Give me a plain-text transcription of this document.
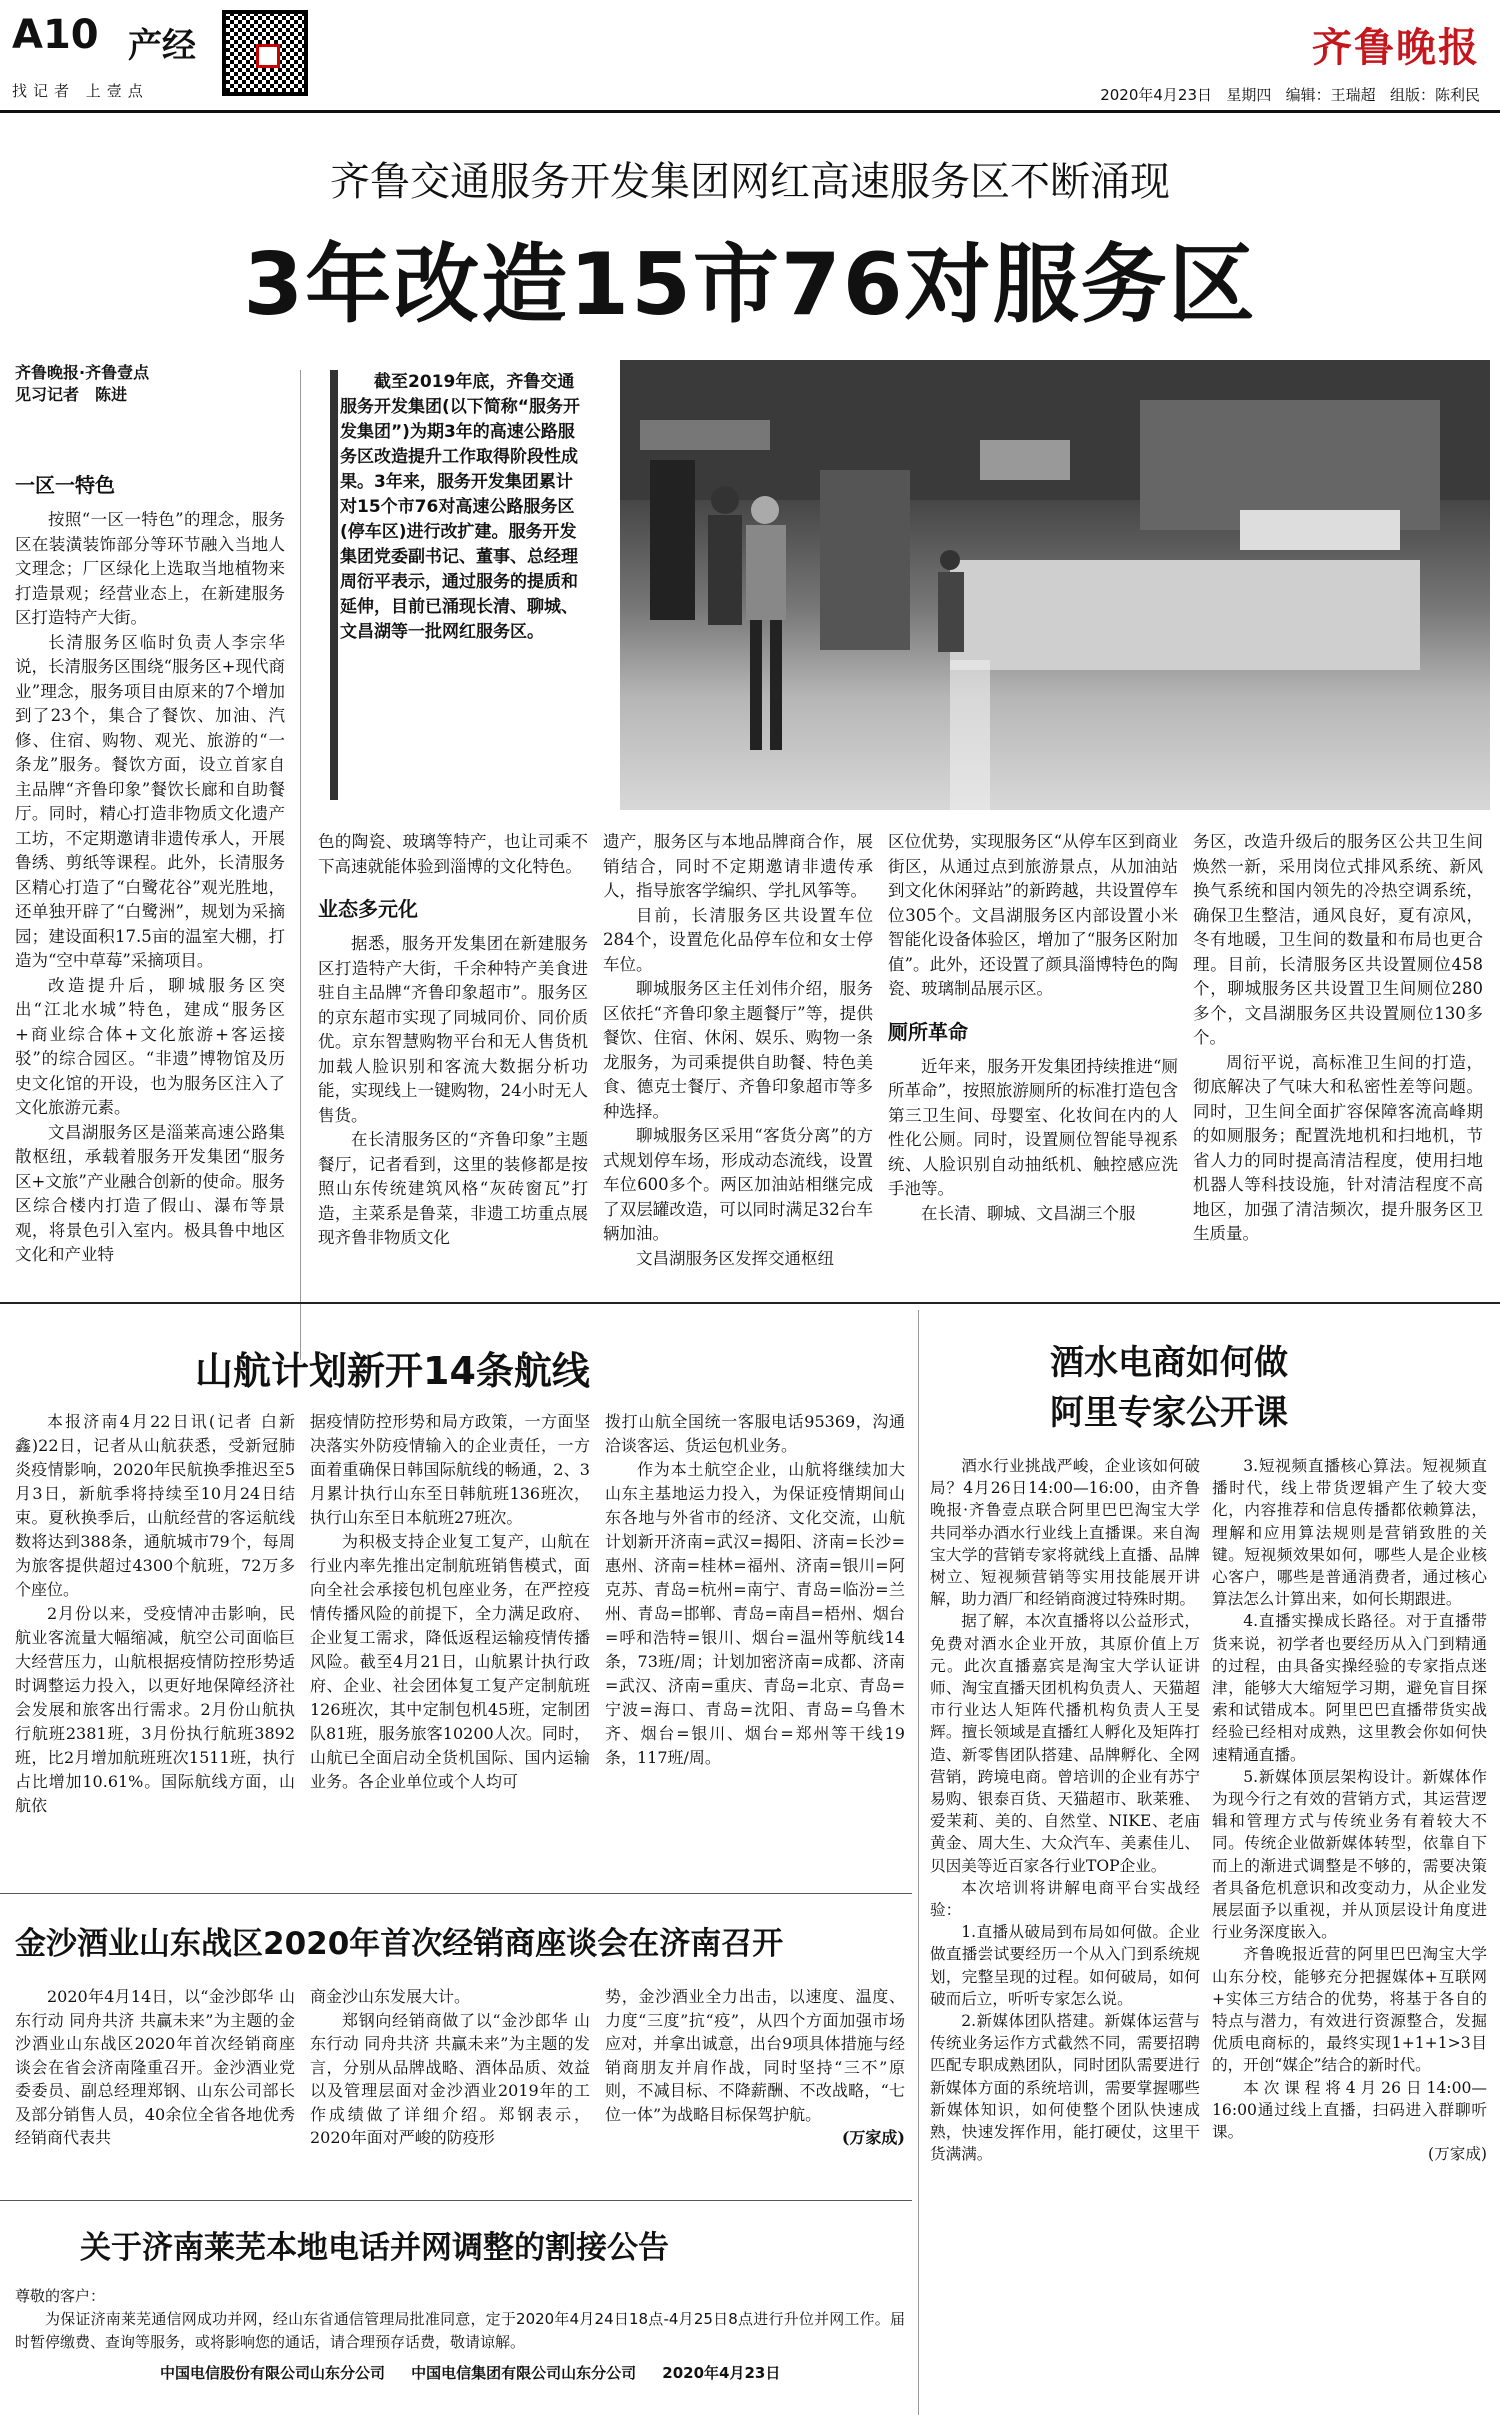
A10 产经
找记者 上壹点
齐鲁晚报
2020年4月23日 星期四 编辑：王瑞超 组版：陈利民
齐鲁交通服务开发集团网红高速服务区不断涌现
3年改造15市76对服务区
齐鲁晚报·齐鲁壹点
见习记者　陈进

截至2019年底，齐鲁交通服务开发集团(以下简称“服务开发集团”)为期3年的高速公路服务区改造提升工作取得阶段性成果。3年来，服务开发集团累计对15个市76对高速公路服务区(停车区)进行改扩建。服务开发集团党委副书记、董事、总经理周衍平表示，通过服务的提质和延伸，目前已涌现长清、聊城、文昌湖等一批网红服务区。

一区一特色

按照“一区一特色”的理念，服务区在装潢装饰部分等环节融入当地人文理念；厂区绿化上选取当地植物来打造景观；经营业态上，在新建服务区打造特产大街。

长清服务区临时负责人李宗华说，长清服务区围绕“服务区+现代商业”理念，服务项目由原来的7个增加到了23个，集合了餐饮、加油、汽修、住宿、购物、观光、旅游的“一条龙”服务。餐饮方面，设立首家自主品牌“齐鲁印象”餐饮长廊和自助餐厅。同时，精心打造非物质文化遗产工坊，不定期邀请非遗传承人，开展鲁绣、剪纸等课程。此外，长清服务区精心打造了“白鹭花谷”观光胜地，还单独开辟了“白鹭洲”，规划为采摘园；建设面积17.5亩的温室大棚，打造为“空中草莓”采摘项目。

改造提升后，聊城服务区突出“江北水城”特色，建成“服务区+商业综合体+文化旅游+客运接驳”的综合园区。“非遗”博物馆及历史文化馆的开设，也为服务区注入了文化旅游元素。

文昌湖服务区是淄莱高速公路集散枢纽，承载着服务开发集团“服务区+文旅”产业融合创新的使命。服务区综合楼内打造了假山、瀑布等景观，将景色引入室内。极具鲁中地区文化和产业特

色的陶瓷、玻璃等特产，也让司乘不下高速就能体验到淄博的文化特色。

业态多元化

据悉，服务开发集团在新建服务区打造特产大街，千余种特产美食进驻自主品牌“齐鲁印象超市”。服务区的京东超市实现了同城同价、同价质优。京东智慧购物平台和无人售货机加载人脸识别和客流大数据分析功能，实现线上一键购物，24小时无人售货。

在长清服务区的“齐鲁印象”主题餐厅，记者看到，这里的装修都是按照山东传统建筑风格“灰砖窗瓦”打造，主菜系是鲁菜，非遗工坊重点展现齐鲁非物质文化

遗产，服务区与本地品牌商合作，展销结合，同时不定期邀请非遗传承人，指导旅客学编织、学扎风筝等。

目前，长清服务区共设置车位284个，设置危化品停车位和女士停车位。

聊城服务区主任刘伟介绍，服务区依托“齐鲁印象主题餐厅”等，提供餐饮、住宿、休闲、娱乐、购物一条龙服务，为司乘提供自助餐、特色美食、德克士餐厅、齐鲁印象超市等多种选择。

聊城服务区采用“客货分离”的方式规划停车场，形成动态流线，设置车位600多个。两区加油站相继完成了双层罐改造，可以同时满足32台车辆加油。

文昌湖服务区发挥交通枢纽

区位优势，实现服务区“从停车区到商业街区，从通过点到旅游景点，从加油站到文化休闲驿站”的新跨越，共设置停车位305个。文昌湖服务区内部设置小米智能化设备体验区，增加了“服务区附加值”。此外，还设置了颜具淄博特色的陶瓷、玻璃制品展示区。

厕所革命

近年来，服务开发集团持续推进“厕所革命”，按照旅游厕所的标准打造包含第三卫生间、母婴室、化妆间在内的人性化公厕。同时，设置厕位智能导视系统、人脸识别自动抽纸机、触控感应洗手池等。

在长清、聊城、文昌湖三个服

务区，改造升级后的服务区公共卫生间焕然一新，采用岗位式排风系统、新风换气系统和国内领先的冷热空调系统，确保卫生整洁，通风良好，夏有凉风，冬有地暖，卫生间的数量和布局也更合理。目前，长清服务区共设置厕位458个，聊城服务区共设置卫生间厕位280多个，文昌湖服务区共设置厕位130多个。

周衍平说，高标准卫生间的打造，彻底解决了气味大和私密性差等问题。同时，卫生间全面扩容保障客流高峰期的如厕服务；配置洗地机和扫地机，节省人力的同时提高清洁程度，使用扫地机器人等科技设施，针对清洁程度不高地区，加强了清洁频次，提升服务区卫生质量。

山航计划新开14条航线

本报济南4月22日讯(记者 白新鑫)22日，记者从山航获悉，受新冠肺炎疫情影响，2020年民航换季推迟至5月3日，新航季将持续至10月24日结束。夏秋换季后，山航经营的客运航线数将达到388条，通航城市79个，每周为旅客提供超过4300个航班，72万多个座位。

2月份以来，受疫情冲击影响，民航业客流量大幅缩减，航空公司面临巨大经营压力，山航根据疫情防控形势适时调整运力投入，以更好地保障经济社会发展和旅客出行需求。2月份山航执行航班2381班，3月份执行航班3892班，比2月增加航班班次1511班，执行占比增加10.61%。国际航线方面，山航依

据疫情防控形势和局方政策，一方面坚决落实外防疫情输入的企业责任，一方面着重确保日韩国际航线的畅通，2、3月累计执行山东至日韩航班136班次，执行山东至日本航班27班次。

为积极支持企业复工复产，山航在行业内率先推出定制航班销售模式，面向全社会承接包机包座业务，在严控疫情传播风险的前提下，全力满足政府、企业复工需求，降低返程运输疫情传播风险。截至4月21日，山航累计执行政府、企业、社会团体复工复产定制航班126班次，其中定制包机45班，定制团队81班，服务旅客10200人次。同时，山航已全面启动全货机国际、国内运输业务。各企业单位或个人均可

拨打山航全国统一客服电话95369，沟通洽谈客运、货运包机业务。

作为本土航空企业，山航将继续加大山东主基地运力投入，为保证疫情期间山东各地与外省市的经济、文化交流，山航计划新开济南=武汉=揭阳、济南=长沙=惠州、济南=桂林=福州、济南=银川=阿克苏、青岛=杭州=南宁、青岛=临汾=兰州、青岛=邯郸、青岛=南昌=梧州、烟台=呼和浩特=银川、烟台=温州等航线14条，73班/周；计划加密济南=成都、济南=武汉、济南=重庆、青岛=北京、青岛=宁波=海口、青岛=沈阳、青岛=乌鲁木齐、烟台=银川、烟台=郑州等干线19条，117班/周。

酒水电商如何做
阿里专家公开课

酒水行业挑战严峻，企业该如何破局？4月26日14:00—16:00，由齐鲁晚报·齐鲁壹点联合阿里巴巴淘宝大学共同举办酒水行业线上直播课。来自淘宝大学的营销专家将就线上直播、品牌树立、短视频营销等实用技能展开讲解，助力酒厂和经销商渡过特殊时期。

据了解，本次直播将以公益形式，免费对酒水企业开放，其原价值上万元。此次直播嘉宾是淘宝大学认证讲师、淘宝直播天团机构负责人、天猫超市行业达人矩阵代播机构负责人王旻辉。擅长领域是直播红人孵化及矩阵打造、新零售团队搭建、品牌孵化、全网营销，跨境电商。曾培训的企业有苏宁易购、银泰百货、天猫超市、耿莱雅、爱茉莉、美的、自然堂、NIKE、老庙黄金、周大生、大众汽车、美素佳儿、贝因美等近百家各行业TOP企业。

本次培训将讲解电商平台实战经验：

1.直播从破局到布局如何做。企业做直播尝试要经历一个从入门到系统规划，完整呈现的过程。如何破局，如何破而后立，听听专家怎么说。

2.新媒体团队搭建。新媒体运营与传统业务运作方式截然不同，需要招聘匹配专职成熟团队，同时团队需要进行新媒体方面的系统培训，需要掌握哪些新媒体知识，如何使整个团队快速成熟，快速发挥作用，能打硬仗，这里干货满满。

3.短视频直播核心算法。短视频直播时代，线上带货逻辑产生了较大变化，内容推荐和信息传播都依赖算法，理解和应用算法规则是营销致胜的关键。短视频效果如何，哪些人是企业核心客户，哪些是普通消费者，通过核心算法怎么计算出来，如何长期跟进。

4.直播实操成长路径。对于直播带货来说，初学者也要经历从入门到精通的过程，由具备实操经验的专家指点迷津，能够大大缩短学习期，避免盲目探索和试错成本。阿里巴巴直播带货实战经验已经相对成熟，这里教会你如何快速精通直播。

5.新媒体顶层架构设计。新媒体作为现今行之有效的营销方式，其运营逻辑和管理方式与传统业务有着较大不同。传统企业做新媒体转型，依靠自下而上的渐进式调整是不够的，需要决策者具备危机意识和改变动力，从企业发展层面予以重视，并从顶层设计角度进行业务深度嵌入。

齐鲁晚报近营的阿里巴巴淘宝大学山东分校，能够充分把握媒体+互联网+实体三方结合的优势，将基于各自的特点与潜力，有效进行资源整合，发掘优质电商标的，最终实现1+1+1>3目的，开创“媒企”结合的新时代。

本次课程将4月26日14:00—16:00通过线上直播，扫码进入群聊听课。

(万家成)
金沙酒业山东战区2020年首次经销商座谈会在济南召开

2020年4月14日，以“金沙郎华 山东行动 同舟共济 共赢未来”为主题的金沙酒业山东战区2020年首次经销商座谈会在省会济南隆重召开。金沙酒业党委委员、副总经理郑钢、山东公司部长及部分销售人员，40余位全省各地优秀经销商代表共

商金沙山东发展大计。

郑钢向经销商做了以“金沙郎华 山东行动 同舟共济 共赢未来”为主题的发言，分别从品牌战略、酒体品质、效益以及管理层面对金沙酒业2019年的工作成绩做了详细介绍。郑钢表示，2020年面对严峻的防疫形

势，金沙酒业全力出击，以速度、温度、力度“三度”抗“疫”，从四个方面加强市场应对，并拿出诚意，出台9项具体措施与经销商朋友并肩作战，同时坚持“三不”原则，不减目标、不降薪酬、不改战略，“七位一体”为战略目标保驾护航。

(万家成)
关于济南莱芜本地电话并网调整的割接公告
尊敬的客户：
为保证济南莱芜通信网成功并网，经山东省通信管理局批准同意，定于2020年4月24日18点-4月25日8点进行升位并网工作。届时暂停缴费、查询等服务，或将影响您的通话，请合理预存话费，敬请谅解。
中国电信股份有限公司山东分公司 中国电信集团有限公司山东分公司 2020年4月23日
